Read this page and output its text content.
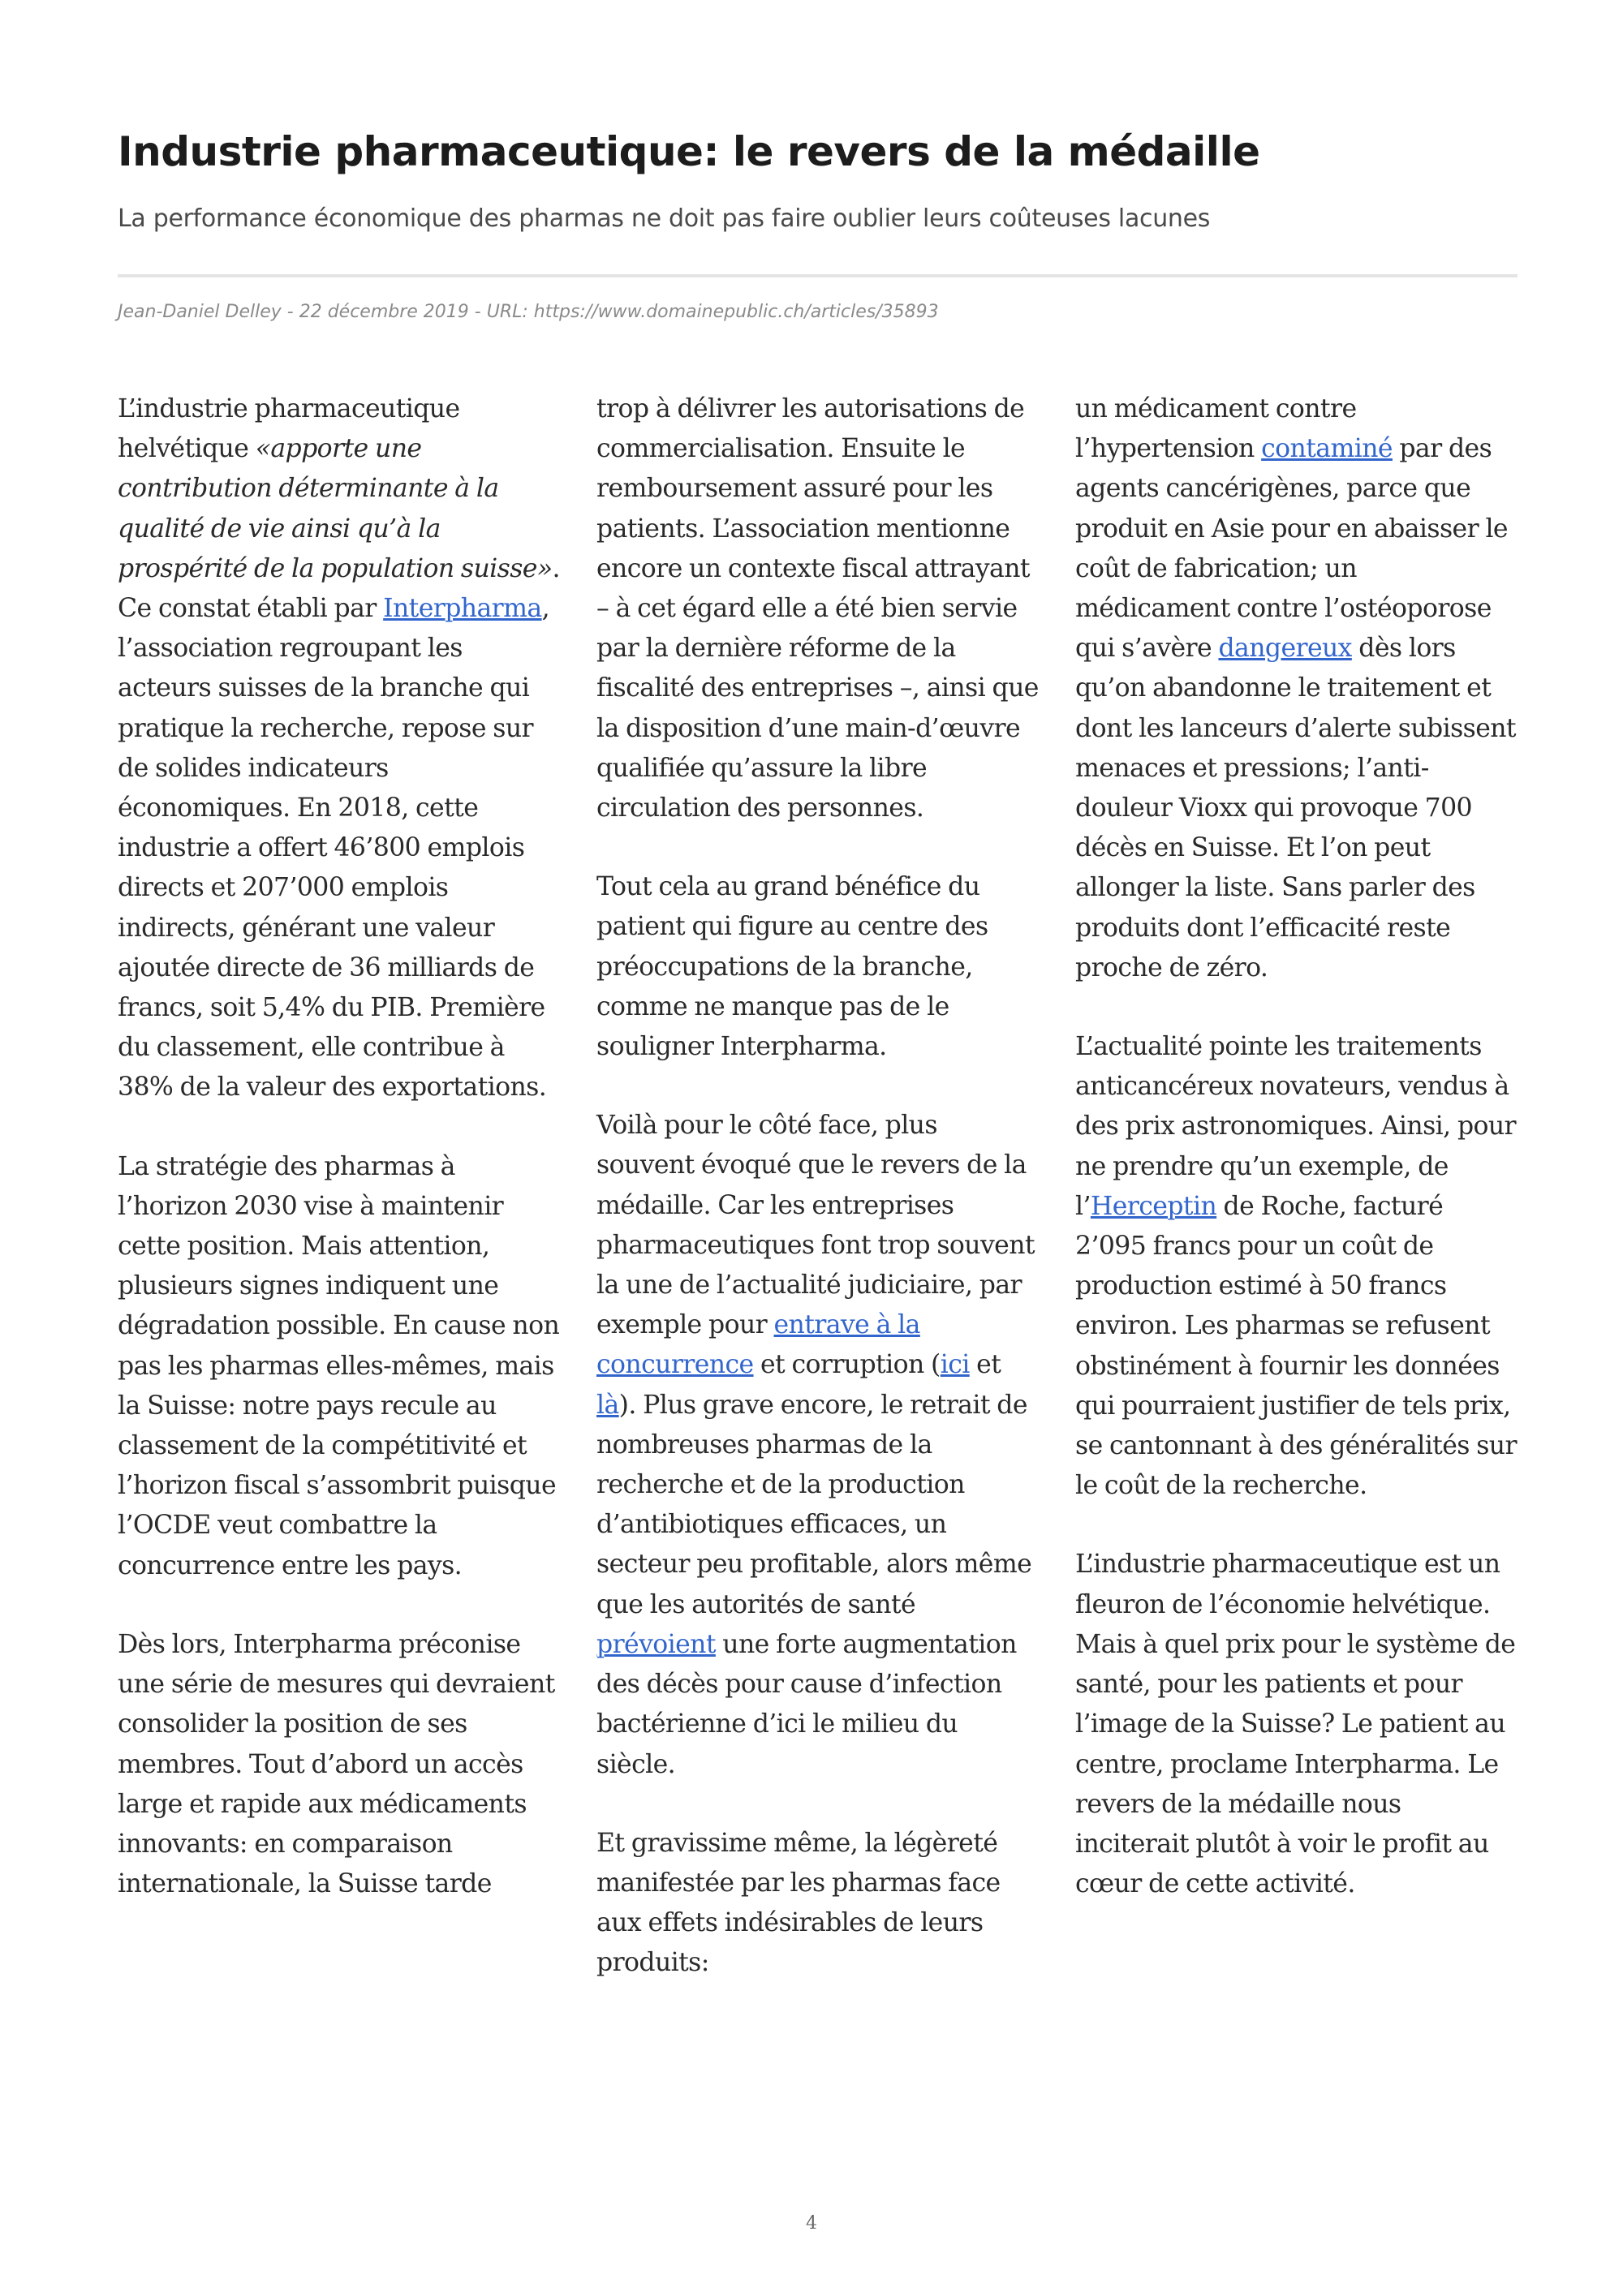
Industrie pharmaceutique: le revers de la médaille

La performance économique des pharmas ne doit pas faire oublier leurs coûteuses lacunes

Jean-Daniel Delley - 22 décembre 2019 - URL: https://www.domainepublic.ch/articles/35893

L’industrie pharmaceutique helvétique «apporte une contribution déterminante à la qualité de vie ainsi qu’à la prospérité de la population suisse». Ce constat établi par Interpharma, l’association regroupant les acteurs suisses de la branche qui pratique la recherche, repose sur de solides indicateurs économiques. En 2018, cette industrie a offert 46’800 emplois directs et 207’000 emplois indirects, générant une valeur ajoutée directe de 36 milliards de francs, soit 5,4% du PIB. Première du classement, elle contribue à 38% de la valeur des exportations.

La stratégie des pharmas à l’horizon 2030 vise à maintenir cette position. Mais attention, plusieurs signes indiquent une dégradation possible. En cause non pas les pharmas elles-mêmes, mais la Suisse: notre pays recule au classement de la compétitivité et l’horizon fiscal s’assombrit puisque l’OCDE veut combattre la concurrence entre les pays.

Dès lors, Interpharma préconise une série de mesures qui devraient consolider la position de ses membres. Tout d’abord un accès large et rapide aux médicaments innovants: en comparaison internationale, la Suisse tarde

trop à délivrer les autorisations de commercialisation. Ensuite le remboursement assuré pour les patients. L’association mentionne encore un contexte fiscal attrayant – à cet égard elle a été bien servie par la dernière réforme de la fiscalité des entreprises –, ainsi que la disposition d’une main-d’œuvre qualifiée qu’assure la libre circulation des personnes.

Tout cela au grand bénéfice du patient qui figure au centre des préoccupations de la branche, comme ne manque pas de le souligner Interpharma.

Voilà pour le côté face, plus souvent évoqué que le revers de la médaille. Car les entreprises pharmaceutiques font trop souvent la une de l’actualité judiciaire, par exemple pour entrave à la concurrence et corruption (ici et là). Plus grave encore, le retrait de nombreuses pharmas de la recherche et de la production d’antibiotiques efficaces, un secteur peu profitable, alors même que les autorités de santé prévoient une forte augmentation des décès pour cause d’infection bactérienne d’ici le milieu du siècle.

Et gravissime même, la légèreté manifestée par les pharmas face aux effets indésirables de leurs produits:

un médicament contre l’hypertension contaminé par des agents cancérigènes, parce que produit en Asie pour en abaisser le coût de fabrication; un médicament contre l’ostéoporose qui s’avère dangereux dès lors qu’on abandonne le traitement et dont les lanceurs d’alerte subissent menaces et pressions; l’anti-douleur Vioxx qui provoque 700 décès en Suisse. Et l’on peut allonger la liste. Sans parler des produits dont l’efficacité reste proche de zéro.

L’actualité pointe les traitements anticancéreux novateurs, vendus à des prix astronomiques. Ainsi, pour ne prendre qu’un exemple, de l’Herceptin de Roche, facturé 2’095 francs pour un coût de production estimé à 50 francs environ. Les pharmas se refusent obstinément à fournir les données qui pourraient justifier de tels prix, se cantonnant à des généralités sur le coût de la recherche.

L’industrie pharmaceutique est un fleuron de l’économie helvétique. Mais à quel prix pour le système de santé, pour les patients et pour l’image de la Suisse? Le patient au centre, proclame Interpharma. Le revers de la médaille nous inciterait plutôt à voir le profit au cœur de cette activité.

4
